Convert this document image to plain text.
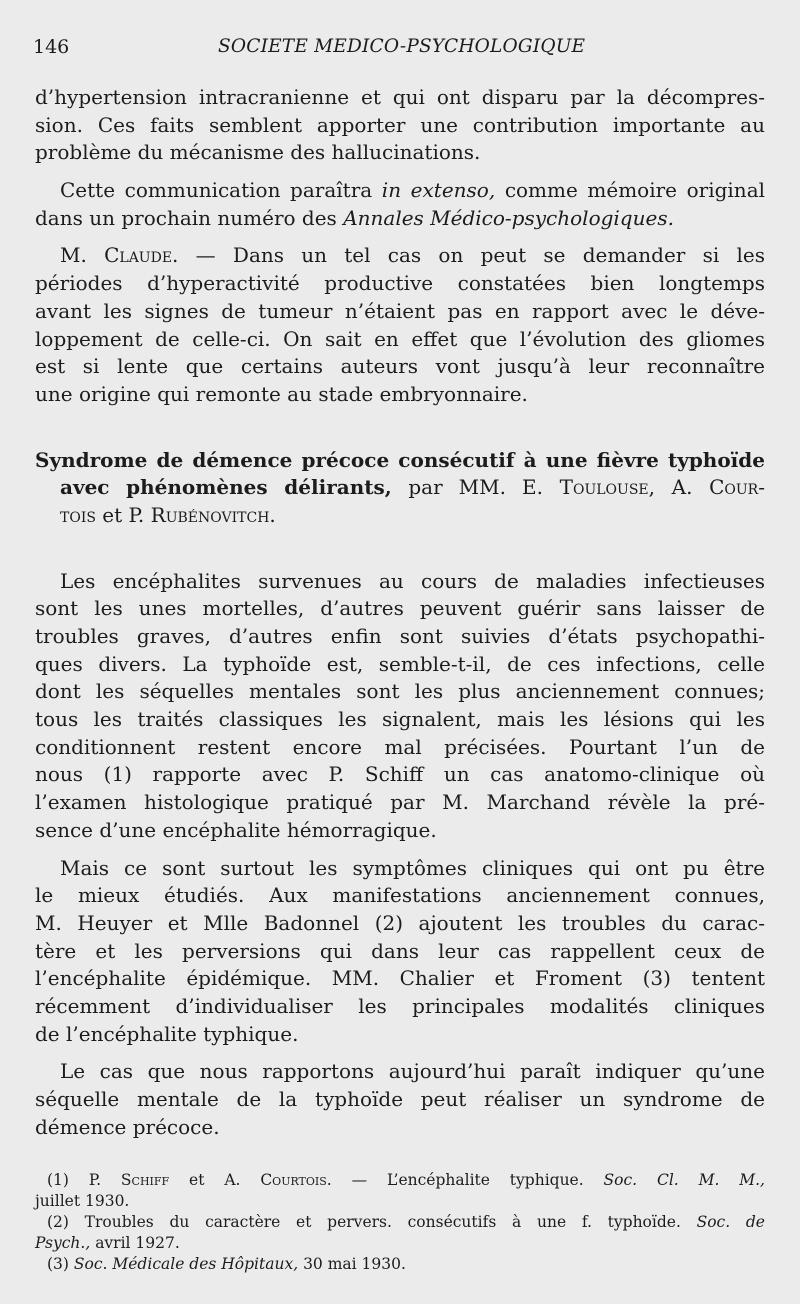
146	SOCIETE MEDICO-PSYCHOLOGIQUE
d’hypertension intracranienne et qui ont disparu par la décompres-
sion. Ces faits semblent apporter une contribution importante au
problème du mécanisme des hallucinations.
Cette communication paraîtra in extenso, comme mémoire original
dans un prochain numéro des Annales Médico-psychologiques.
M. Claude. — Dans un tel cas on peut se demander si les
périodes d’hyperactivité productive constatées bien longtemps
avant les signes de tumeur n’étaient pas en rapport avec le déve-
loppement de celle-ci. On sait en effet que l’évolution des gliomes
est si lente que certains auteurs vont jusqu’à leur reconnaître
une origine qui remonte au stade embryonnaire.
Syndrome de démence précoce consécutif à une fièvre typhoïde
avec phénomènes délirants, par MM. E. Toulouse, A. Cour-
tois et P. Rubénovitch.
Les encéphalites survenues au cours de maladies infectieuses
sont les unes mortelles, d’autres peuvent guérir sans laisser de
troubles graves, d’autres enfin sont suivies d’états psychopathi-
ques divers. La typhoïde est, semble-t-il, de ces infections, celle
dont les séquelles mentales sont les plus anciennement connues;
tous les traités classiques les signalent, mais les lésions qui les
conditionnent restent encore mal précisées. Pourtant l’un de
nous (1) rapporte avec P. Schiff un cas anatomo-clinique où
l’examen histologique pratiqué par M. Marchand révèle la pré-
sence d’une encéphalite hémorragique.
Mais ce sont surtout les symptômes cliniques qui ont pu être
le mieux étudiés. Aux manifestations anciennement connues,
M. Heuyer et Mlle Badonnel (2) ajoutent les troubles du carac-
tère et les perversions qui dans leur cas rappellent ceux de
l’encéphalite épidémique. MM. Chalier et Froment (3) tentent
récemment d’individualiser les principales modalités cliniques
de l’encéphalite typhique.
Le cas que nous rapportons aujourd’hui paraît indiquer qu’une
séquelle mentale de la typhoïde peut réaliser un syndrome de
démence précoce.
(1) P. Schiff et A. Courtois. — L’encéphalite typhique. Soc. Cl. M. M.,
juillet 1930.
(2) Troubles du caractère et pervers. consécutifs à une f. typhoïde. Soc. de
Psych., avril 1927.
(3) Soc. Médicale des Hôpitaux, 30 mai 1930.
